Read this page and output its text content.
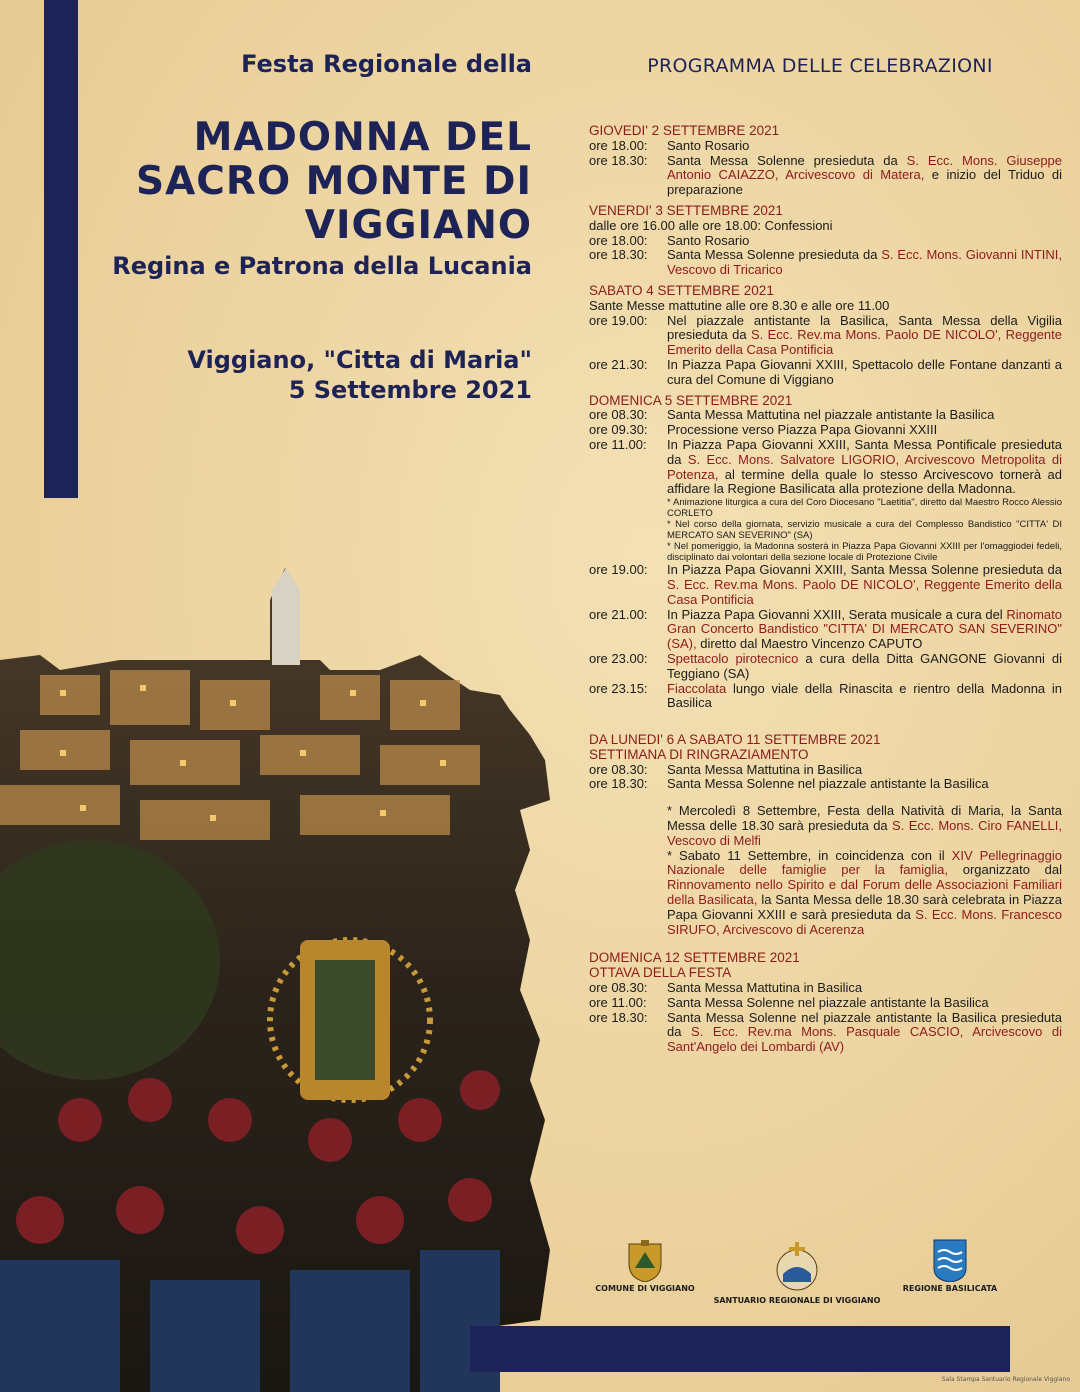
Festa Regionale della

MADONNA DEL
SACRO MONTE DI
VIGGIANO

Regina e Patrona della Lucania

Viggiano, "Citta di Maria"

5 Settembre 2021

PROGRAMMA DELLE CELEBRAZIONI
GIOVEDI' 2 SETTEMBRE 2021
ore 18.00:	Santo Rosario
ore 18.30:	Santa Messa Solenne presieduta da S. Ecc. Mons. Giuseppe Antonio CAIAZZO, Arcivescovo di Matera, e inizio del Triduo di preparazione
VENERDI' 3 SETTEMBRE 2021
dalle ore 16.00 alle ore 18.00: Confessioni
ore 18.00:	Santo Rosario
ore 18.30:	Santa Messa Solenne presieduta da S. Ecc. Mons. Giovanni INTINI, Vescovo di Tricarico
SABATO 4 SETTEMBRE 2021
Sante Messe mattutine alle ore 8.30 e alle ore 11.00
ore 19.00:	Nel piazzale antistante la Basilica, Santa Messa della Vigilia presieduta da S. Ecc. Rev.ma Mons. Paolo DE NICOLO', Reggente Emerito della Casa Pontificia
ore 21.30:	In Piazza Papa Giovanni XXIII, Spettacolo delle Fontane danzanti a cura del Comune di Viggiano
DOMENICA 5 SETTEMBRE 2021
ore 08.30:	Santa Messa Mattutina nel piazzale antistante la Basilica
ore 09.30:	Processione verso Piazza Papa Giovanni XXIII
ore 11.00:	In Piazza Papa Giovanni XXIII, Santa Messa Pontificale presieduta da S. Ecc. Mons. Salvatore LIGORIO, Arcivescovo Metropolita di Potenza, al termine della quale lo stesso Arcivescovo tornerà ad affidare la Regione Basilicata alla protezione della Madonna.
* Animazione liturgica a cura del Coro Diocesano "Laetitia", diretto dal Maestro Rocco Alessio CORLETO
* Nel corso della giornata, servizio musicale a cura del Complesso Bandistico "CITTA' DI MERCATO SAN SEVERINO" (SA)
* Nel pomeriggio, la Madonna sosterà in Piazza Papa Giovanni XXIII per l'omaggiodei fedeli, disciplinato dai volontari della sezione locale di Protezione Civile
ore 19.00:	In Piazza Papa Giovanni XXIII, Santa Messa Solenne presieduta da S. Ecc. Rev.ma Mons. Paolo DE NICOLO', Reggente Emerito della Casa Pontificia
ore 21.00:	In Piazza Papa Giovanni XXIII, Serata musicale a cura del Rinomato Gran Concerto Bandistico "CITTA' DI MERCATO SAN SEVERINO" (SA), diretto dal Maestro Vincenzo CAPUTO
ore 23.00:	Spettacolo pirotecnico a cura della Ditta GANGONE Giovanni di Teggiano (SA)
ore 23.15:	Fiaccolata lungo viale della Rinascita e rientro della Madonna in Basilica
DA LUNEDI' 6 A SABATO 11 SETTEMBRE 2021
SETTIMANA DI RINGRAZIAMENTO
ore 08.30:	Santa Messa Mattutina in Basilica
ore 18.30:	Santa Messa Solenne nel piazzale antistante la Basilica
* Mercoledì 8 Settembre, Festa della Natività di Maria, la Santa Messa delle 18.30 sarà presieduta da S. Ecc. Mons. Ciro FANELLI, Vescovo di Melfi
* Sabato 11 Settembre, in coincidenza con il XIV Pellegrinaggio Nazionale delle famiglie per la famiglia, organizzato dal Rinnovamento nello Spirito e dal Forum delle Associazioni Familiari della Basilicata, la Santa Messa delle 18.30 sarà celebrata in Piazza Papa Giovanni XXIII e sarà presieduta da S. Ecc. Mons. Francesco SIRUFO, Arcivescovo di Acerenza
DOMENICA 12 SETTEMBRE 2021
OTTAVA DELLA FESTA
ore 08.30:	Santa Messa Mattutina in Basilica
ore 11.00:	Santa Messa Solenne nel piazzale antistante la Basilica
ore 18.30:	Santa Messa Solenne nel piazzale antistante la Basilica presieduta da S. Ecc. Rev.ma Mons. Pasquale CASCIO, Arcivescovo di Sant'Angelo dei Lombardi (AV)
COMUNE DI VIGGIANO
SANTUARIO REGIONALE DI VIGGIANO
REGIONE BASILICATA
Sala Stampa Santuario Regionale Viggiano
